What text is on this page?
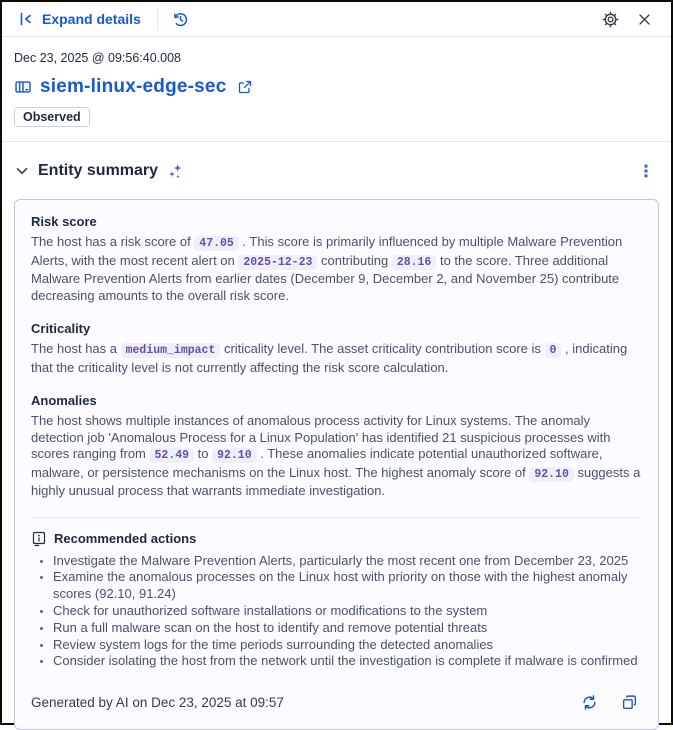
Expand details
Dec 23, 2025 @ 09:56:40.008
siem-linux-edge-sec
Observed
Entity summary
Risk score

The host has a risk score of 47.05 . This score is primarily influenced by multiple Malware Prevention Alerts, with the most recent alert on 2025-12-23 contributing 28.16 to the score. Three additional Malware Prevention Alerts from earlier dates (December 9, December 2, and November 25) contribute decreasing amounts to the overall risk score.

Criticality

The host has a medium_impact criticality level. The asset criticality contribution score is 0 , indicating that the criticality level is not currently affecting the risk score calculation.

Anomalies

The host shows multiple instances of anomalous process activity for Linux systems. The anomaly detection job 'Anomalous Process for a Linux Population' has identified 21 suspicious processes with scores ranging from 52.49 to 92.10 . These anomalies indicate potential unauthorized software, malware, or persistence mechanisms on the Linux host. The highest anomaly score of 92.10 suggests a highly unusual process that warrants immediate investigation.

Recommended actions
• Investigate the Malware Prevention Alerts, particularly the most recent one from December 23, 2025
• Examine the anomalous processes on the Linux host with priority on those with the highest anomaly scores (92.10, 91.24)
• Check for unauthorized software installations or modifications to the system
• Run a full malware scan on the host to identify and remove potential threats
• Review system logs for the time periods surrounding the detected anomalies
• Consider isolating the host from the network until the investigation is complete if malware is confirmed
Generated by AI on Dec 23, 2025 at 09:57
